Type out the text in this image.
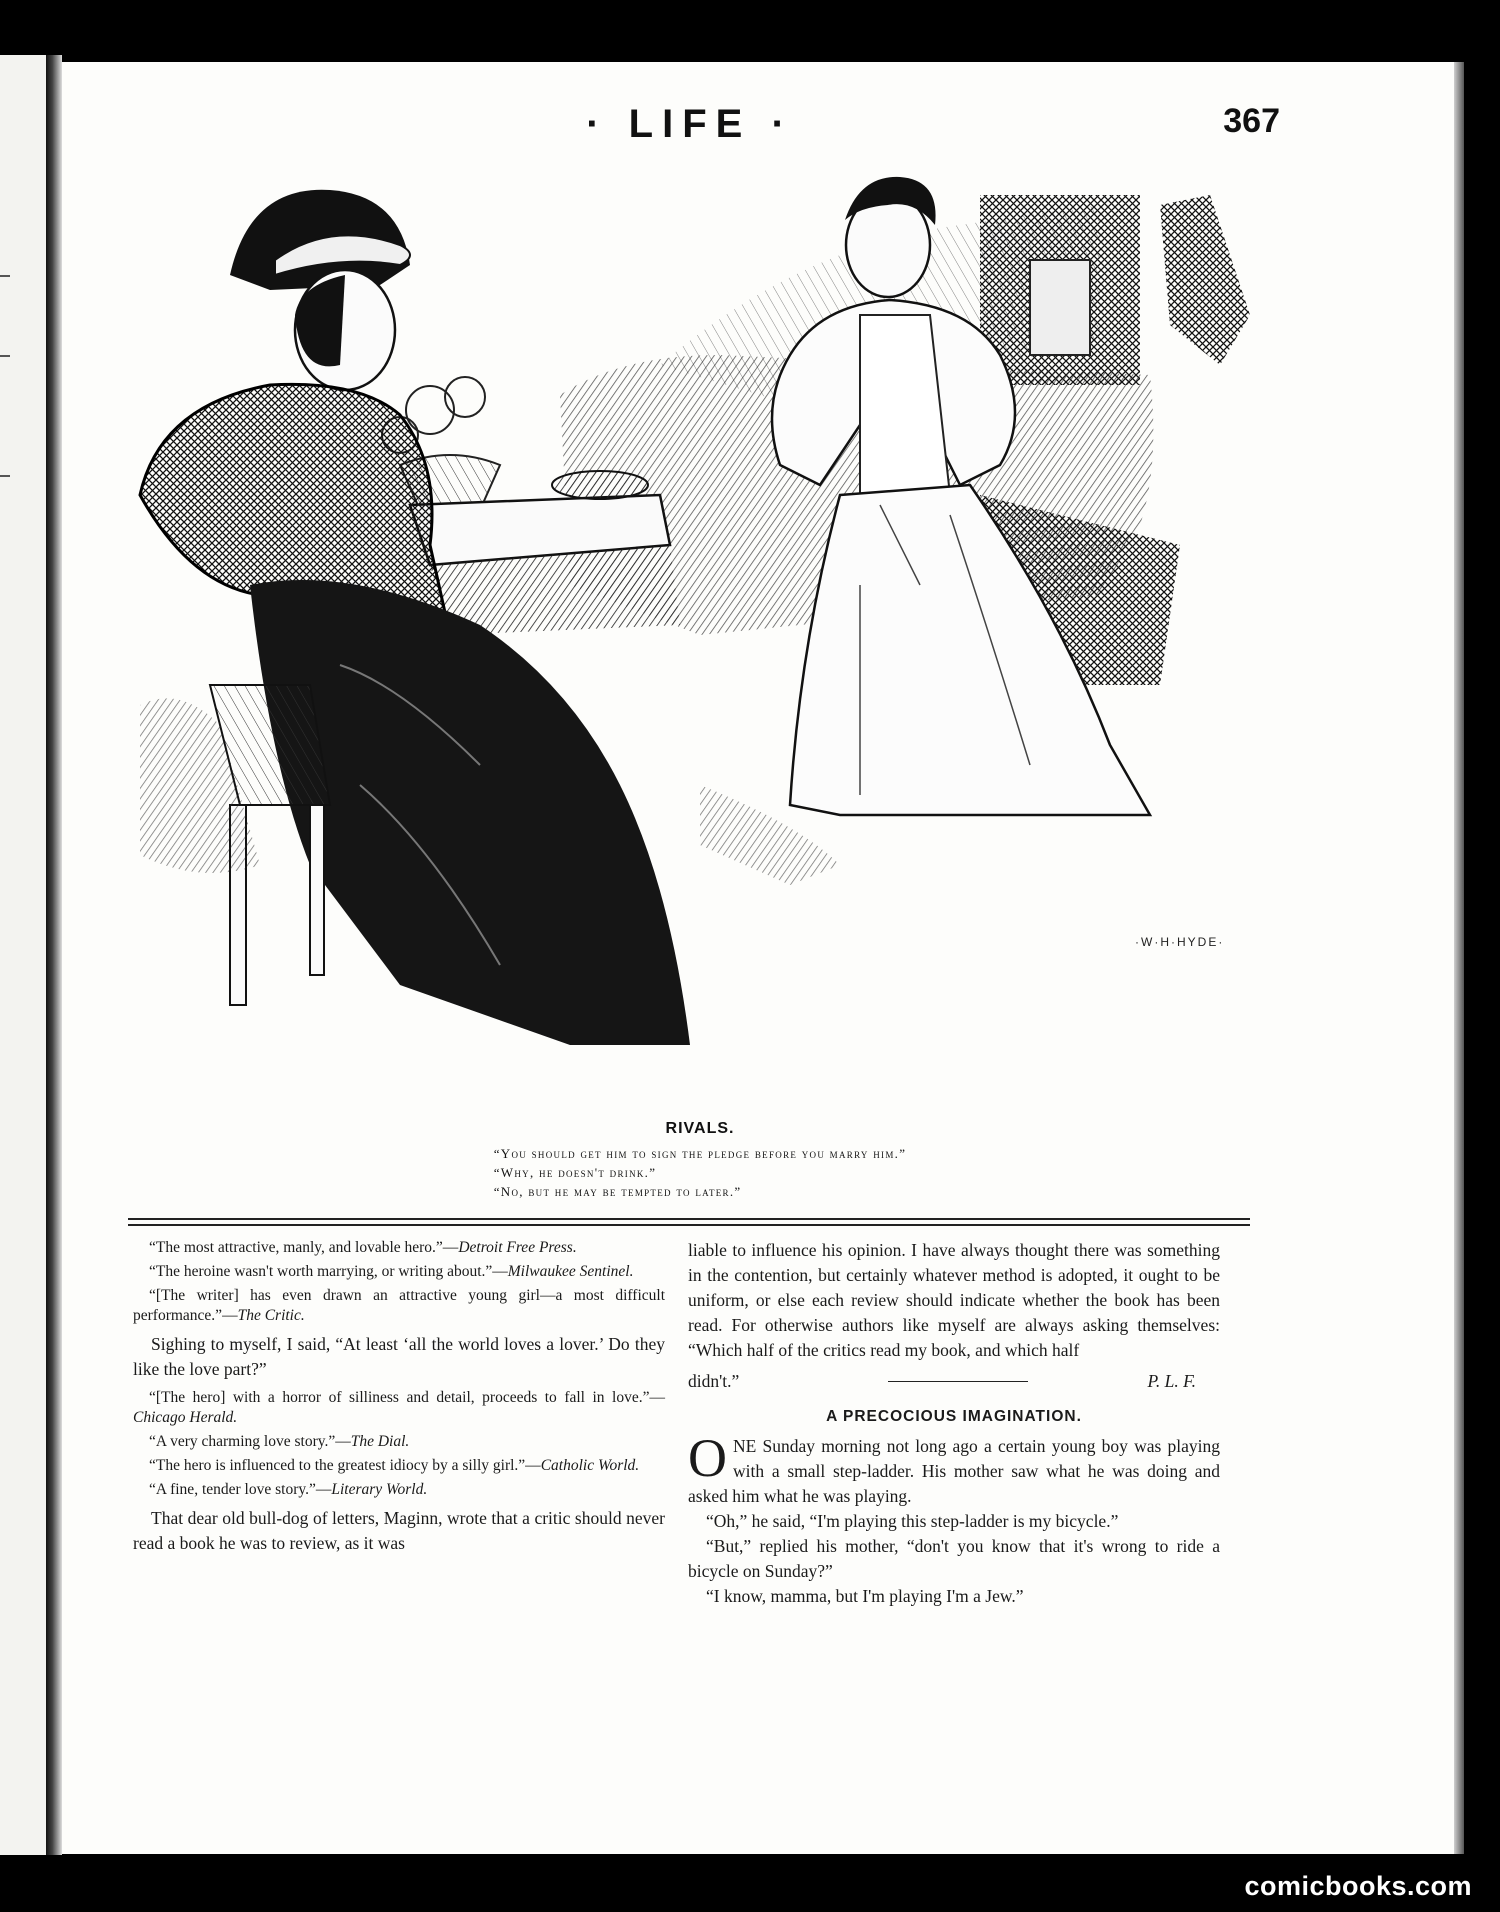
· LIFE ·	367
·W·H·HYDE·
RIVALS.
“You should get him to sign the pledge before you marry him.”
“Why, he doesn't drink.”
“No, but he may be tempted to later.”

“The most attractive, manly, and lovable hero.”—Detroit Free Press.

“The heroine wasn't worth marrying, or writing about.”—Milwaukee Sentinel.

“[The writer] has even drawn an attractive young girl—a most difficult performance.”—The Critic.

Sighing to myself, I said, “At least ‘all the world loves a lover.’ Do they like the love part?”

“[The hero] with a horror of silliness and detail, proceeds to fall in love.”—Chicago Herald.

“A very charming love story.”—The Dial.

“The hero is influenced to the greatest idiocy by a silly girl.”—Catholic World.

“A fine, tender love story.”—Literary World.

That dear old bull-dog of letters, Maginn, wrote that a critic should never read a book he was to review, as it was

liable to influence his opinion. I have always thought there was something in the contention, but certainly whatever method is adopted, it ought to be uniform, or else each review should indicate whether the book has been read. For otherwise authors like myself are always asking themselves: “Which half of the critics read my book, and which half

didn't.”	P. L. F.
A PRECOCIOUS IMAGINATION.
O NE Sunday morning not long ago a certain young boy was playing with a small step-ladder. His mother saw what he was doing and asked him what he was playing.

“Oh,” he said, “I'm playing this step-ladder is my bicycle.”

“But,” replied his mother, “don't you know that it's wrong to ride a bicycle on Sunday?”

“I know, mamma, but I'm playing I'm a Jew.”

comicbooks.com
